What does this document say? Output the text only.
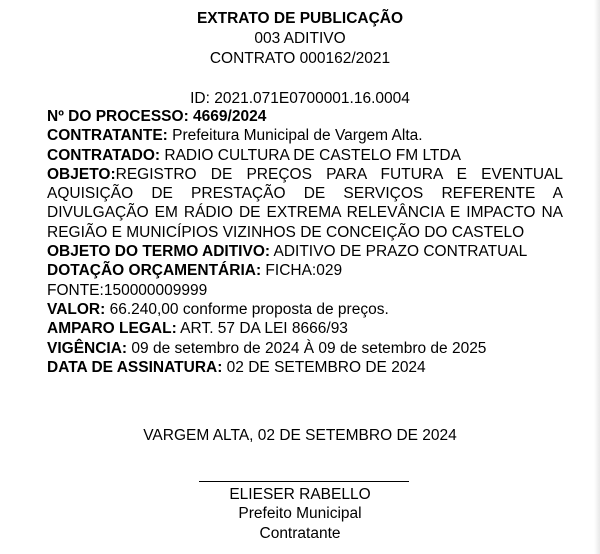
EXTRATO DE PUBLICAÇÃO
003 ADITIVO
CONTRATO 000162/2021
ID: 2021.071E0700001.16.0004

Nº DO PROCESSO: 4669/2024

CONTRATANTE: Prefeitura Municipal de Vargem Alta.

CONTRATADO: RADIO CULTURA DE CASTELO FM LTDA

OBJETO:REGISTRO DE PREÇOS PARA FUTURA E EVENTUAL AQUISIÇÃO DE PRESTAÇÃO DE SERVIÇOS REFERENTE A DIVULGAÇÃO EM RÁDIO DE EXTREMA RELEVÂNCIA E IMPACTO NA REGIÃO E MUNICÍPIOS VIZINHOS DE CONCEIÇÃO DO CASTELO

OBJETO DO TERMO ADITIVO: ADITIVO DE PRAZO CONTRATUAL

DOTAÇÃO ORÇAMENTÁRIA: FICHA:029

FONTE:150000009999

VALOR: 66.240,00 conforme proposta de preços.

AMPARO LEGAL: ART. 57 DA LEI 8666/93

VIGÊNCIA: 09 de setembro de 2024 À 09 de setembro de 2025

DATA DE ASSINATURA: 02 DE SETEMBRO DE 2024

VARGEM ALTA, 02 DE SETEMBRO DE 2024
ELIESER RABELLO
Prefeito Municipal
Contratante
